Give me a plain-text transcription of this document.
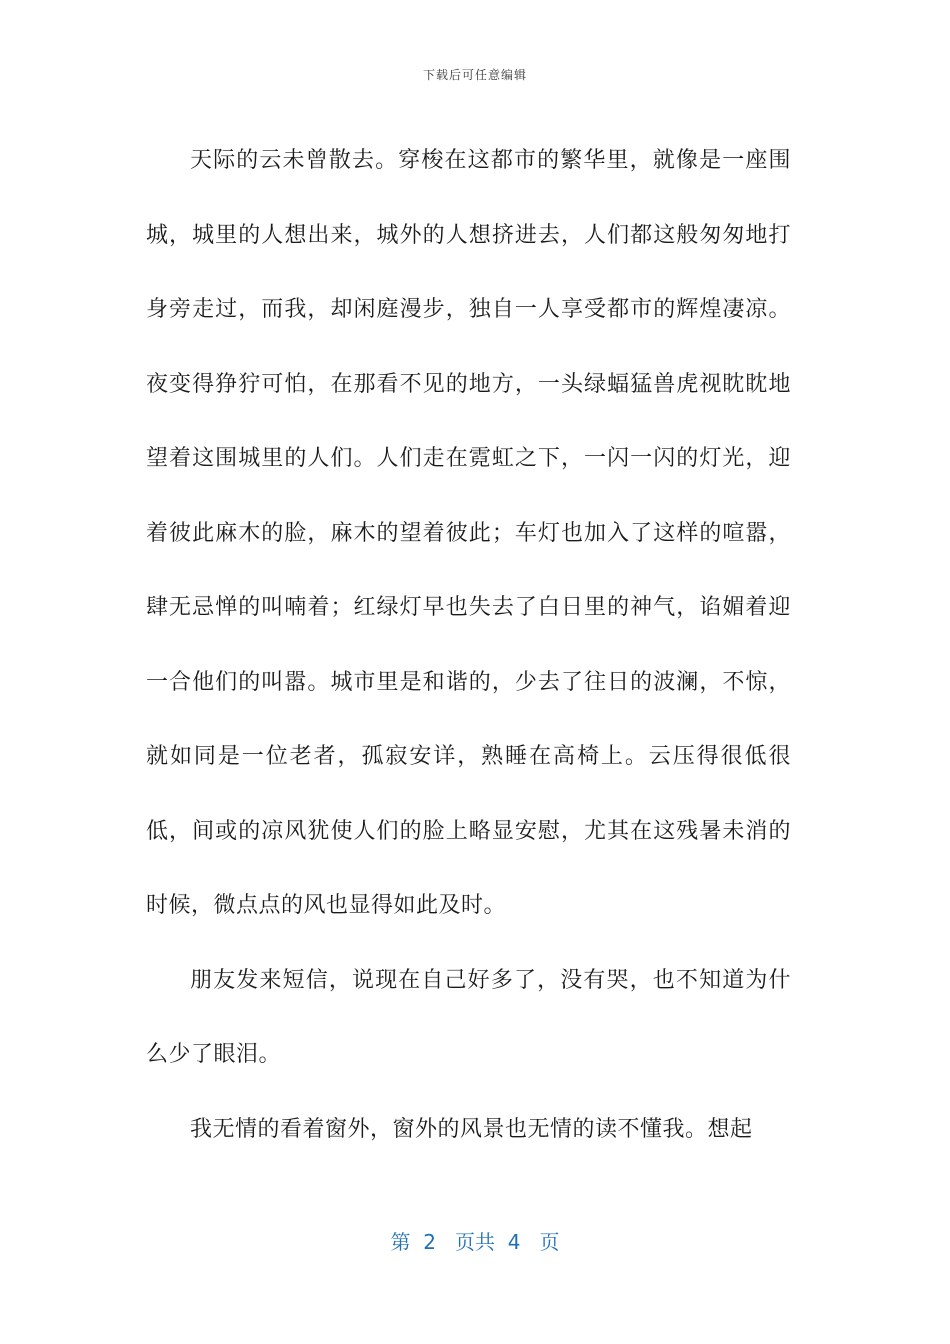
下载后可任意编辑

天际的云未曾散去。穿梭在这都市的繁华里，就像是一座围城，城里的人想出来，城外的人想挤进去，人们都这般匆匆地打身旁走过，而我，却闲庭漫步，独自一人享受都市的辉煌凄凉。夜变得狰狞可怕，在那看不见的地方，一头绿蝠猛兽虎视眈眈地望着这围城里的人们。人们走在霓虹之下，一闪一闪的灯光，迎着彼此麻木的脸，麻木的望着彼此；车灯也加入了这样的喧嚣，肆无忌惮的叫喃着；红绿灯早也失去了白日里的神气，谄媚着迎一合他们的叫嚣。城市里是和谐的，少去了往日的波澜，不惊，就如同是一位老者，孤寂安详，熟睡在高椅上。云压得很低很低，间或的凉风犹使人们的脸上略显安慰，尤其在这残暑未消的时候，微点点的风也显得如此及时。

朋友发来短信，说现在自己好多了，没有哭，也不知道为什么少了眼泪。

我无情的看着窗外，窗外的风景也无情的读不懂我。想起

第  2   页共  4   页
